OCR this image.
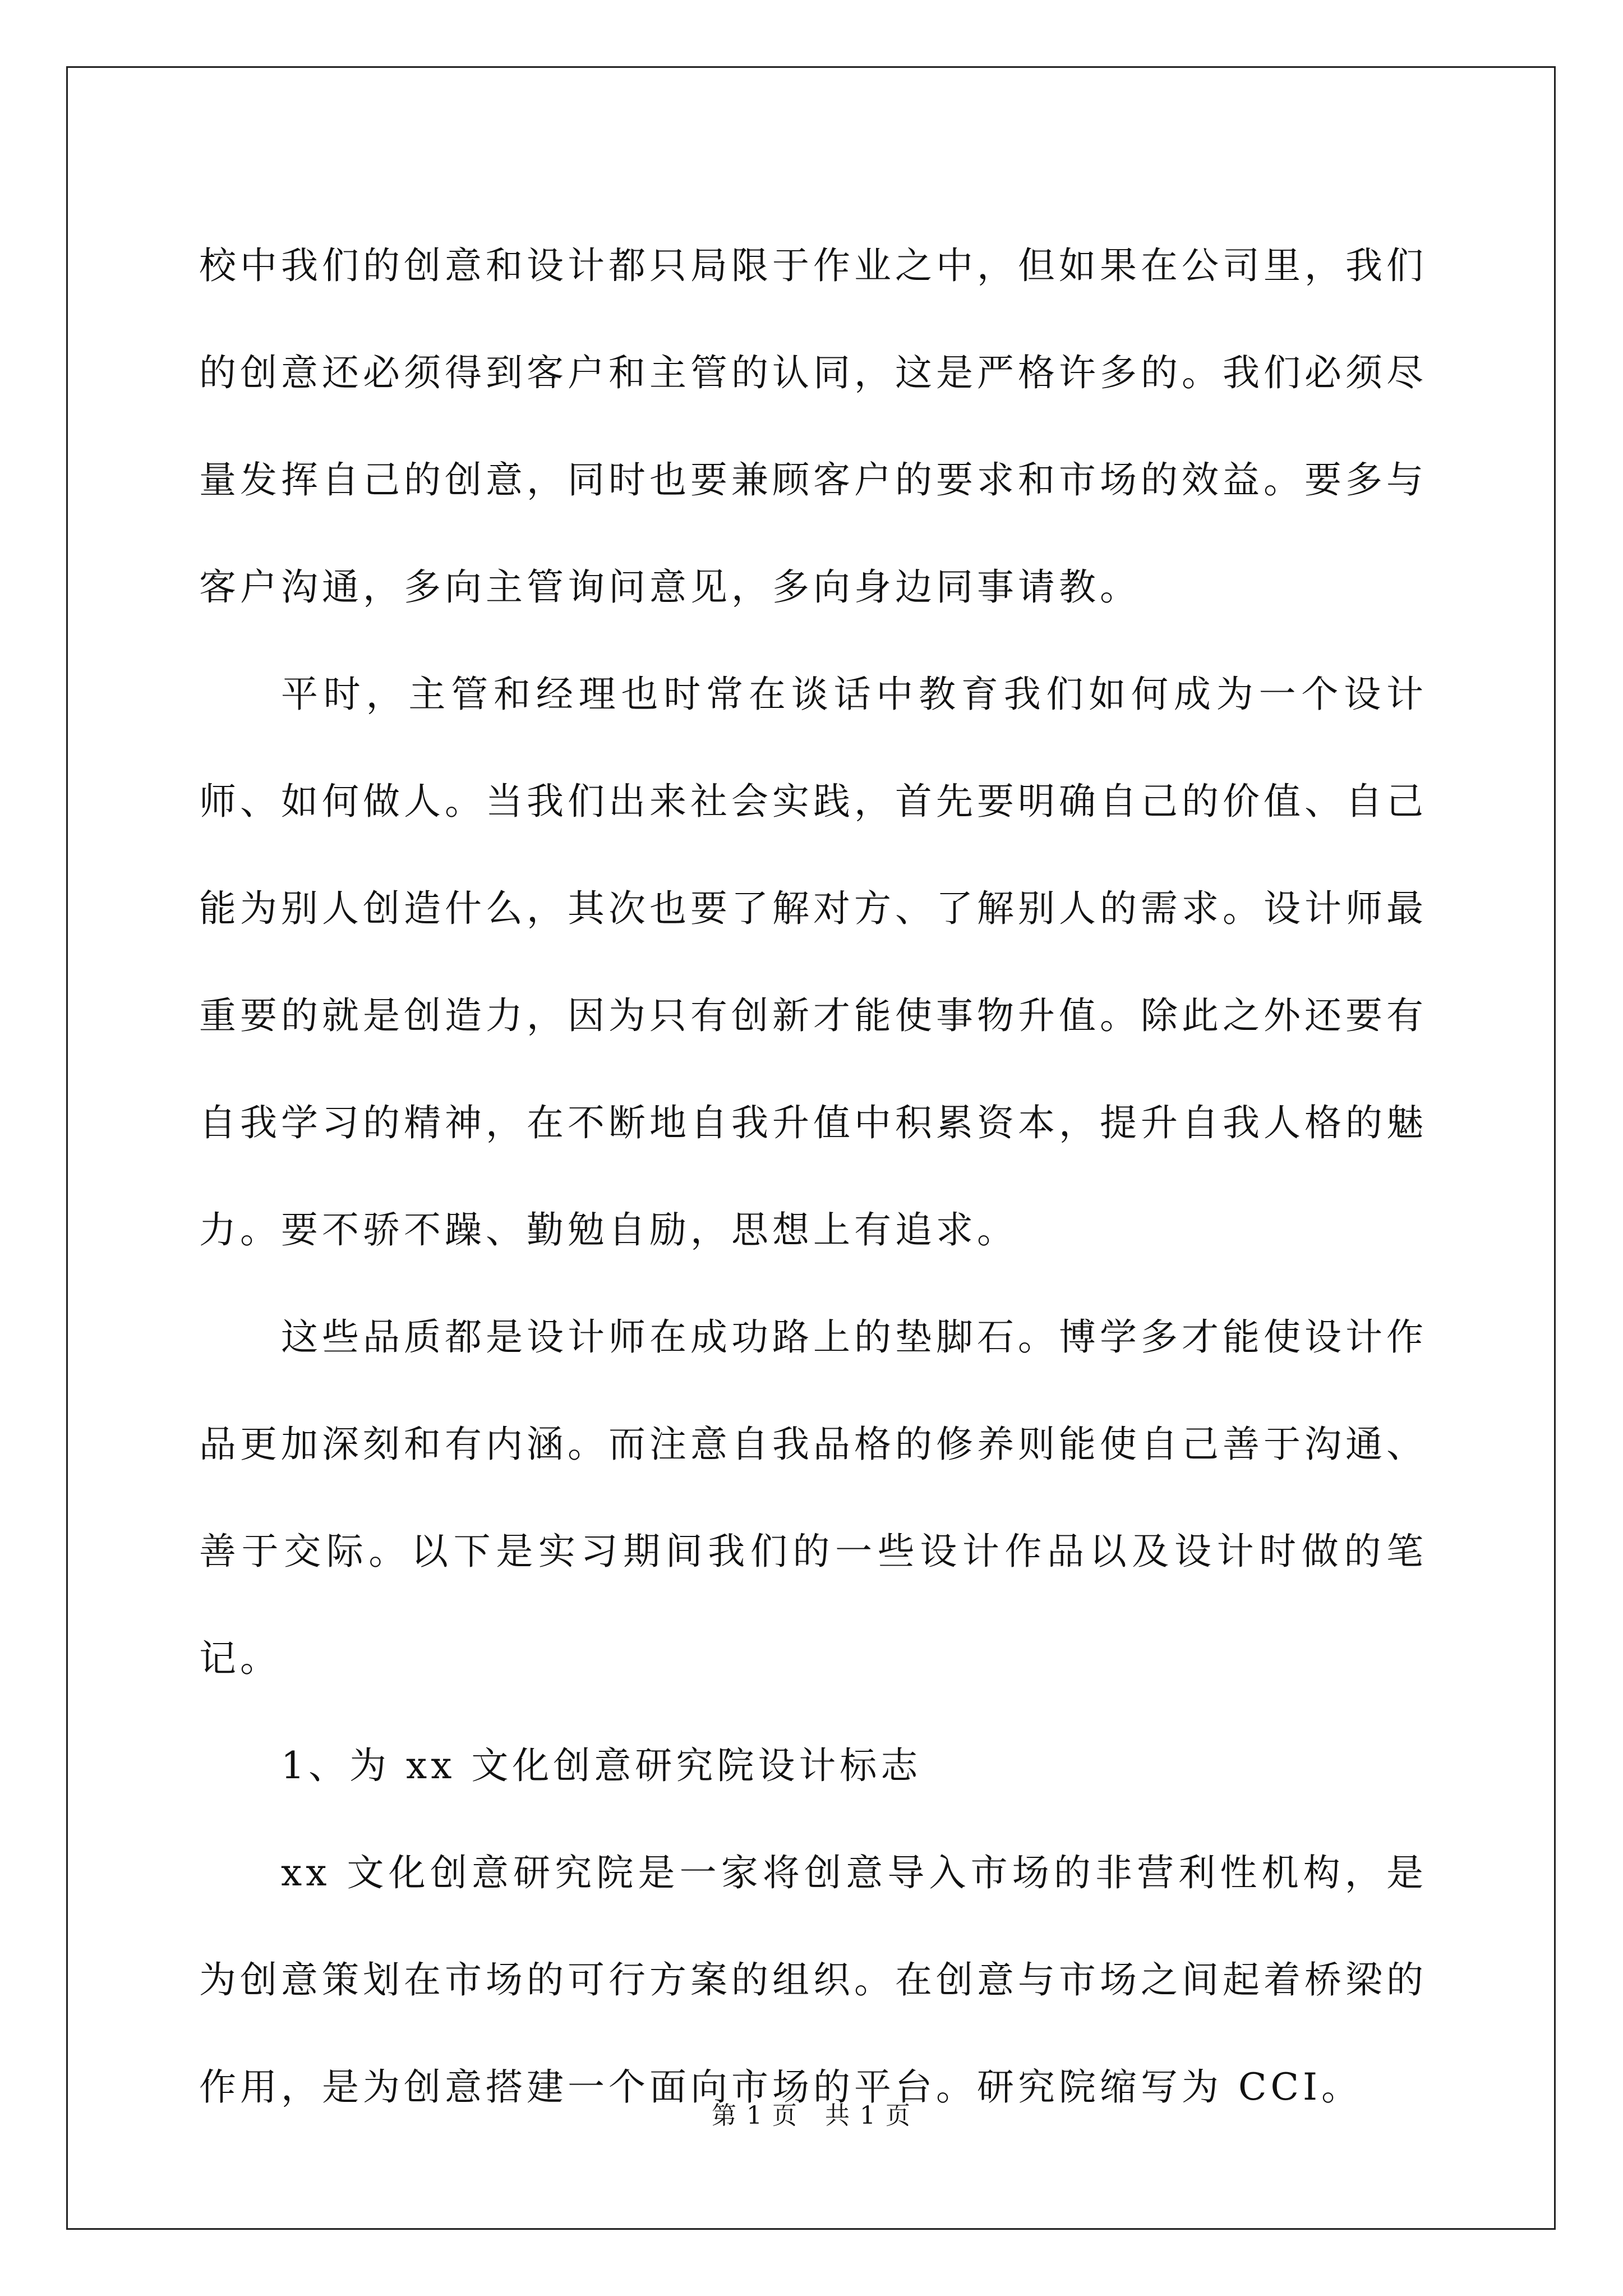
校中我们的创意和设计都只局限于作业之中，但如果在公司里，我们的创意还必须得到客户和主管的认同，这是严格许多的。我们必须尽量发挥自己的创意，同时也要兼顾客户的要求和市场的效益。要多与客户沟通，多向主管询问意见，多向身边同事请教。

平时，主管和经理也时常在谈话中教育我们如何成为一个设计师、如何做人。当我们出来社会实践，首先要明确自己的价值、自己能为别人创造什么，其次也要了解对方、了解别人的需求。设计师最重要的就是创造力，因为只有创新才能使事物升值。除此之外还要有自我学习的精神，在不断地自我升值中积累资本，提升自我人格的魅力。要不骄不躁、勤勉自励，思想上有追求。

这些品质都是设计师在成功路上的垫脚石。博学多才能使设计作品更加深刻和有内涵。而注意自我品格的修养则能使自己善于沟通、善于交际。以下是实习期间我们的一些设计作品以及设计时做的笔记。

1、为 xx 文化创意研究院设计标志

xx 文化创意研究院是一家将创意导入市场的非营利性机构，是为创意策划在市场的可行方案的组织。在创意与市场之间起着桥梁的作用，是为创意搭建一个面向市场的平台。研究院缩写为 CCI。

第 1 页   共 1 页
